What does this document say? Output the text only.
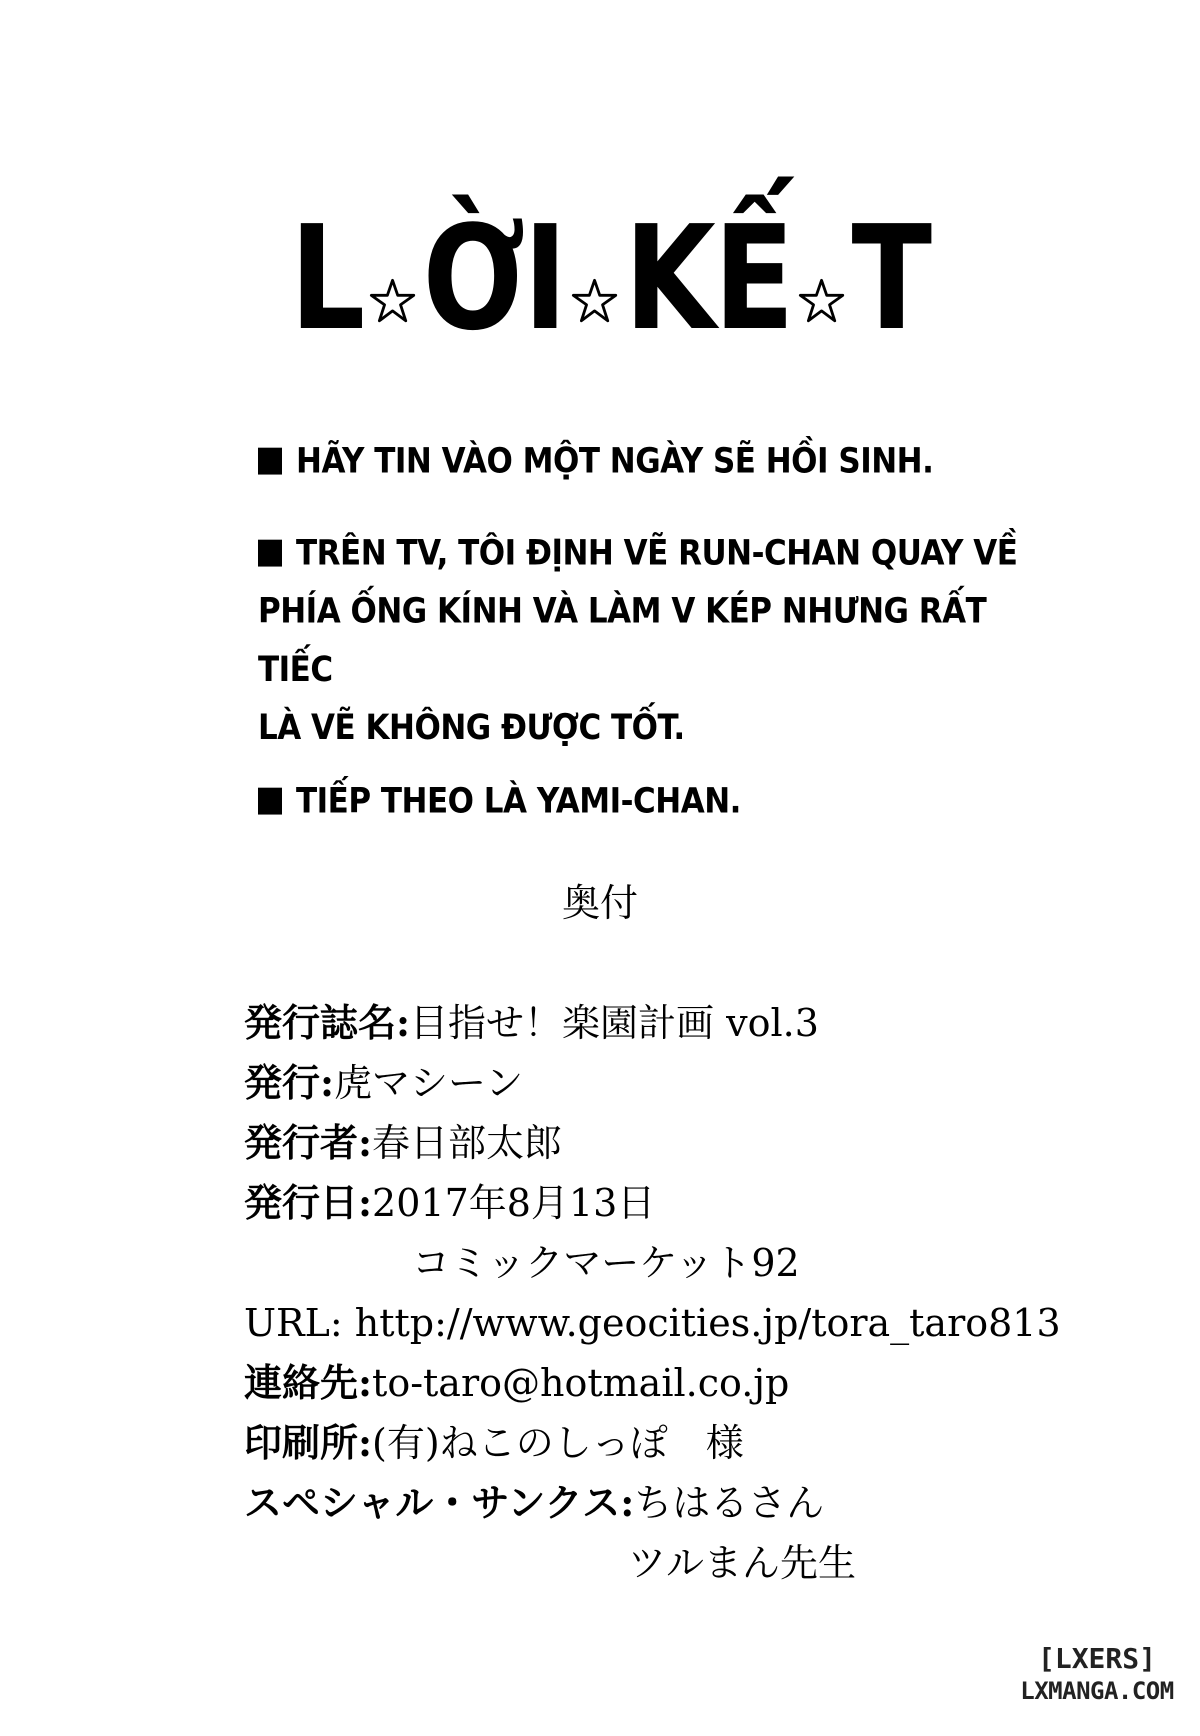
L ỜI KẾ T
HÃY TIN VÀO MỘT NGÀY SẼ HỒI SINH.
TRÊN TV, TÔI ĐỊNH VẼ RUN-CHAN QUAY VỀ
PHÍA ỐNG KÍNH VÀ LÀM V KÉP NHƯNG RẤT TIẾC
LÀ VẼ KHÔNG ĐƯỢC TỐT.
TIẾP THEO LÀ YAMI-CHAN.
奥付
発行誌名:目指せ！楽園計画 vol.3
発行:虎マシーン
発行者:春日部太郎
発行日:2017年8月13日
コミックマーケット92
URL: http://www.geocities.jp/tora_taro813
連絡先:to-taro@hotmail.co.jp
印刷所:(有)ねこのしっぽ　様
スペシャル・サンクス:ちはるさん
ツルまん先生
[LXERS]
LXMANGA.COM
